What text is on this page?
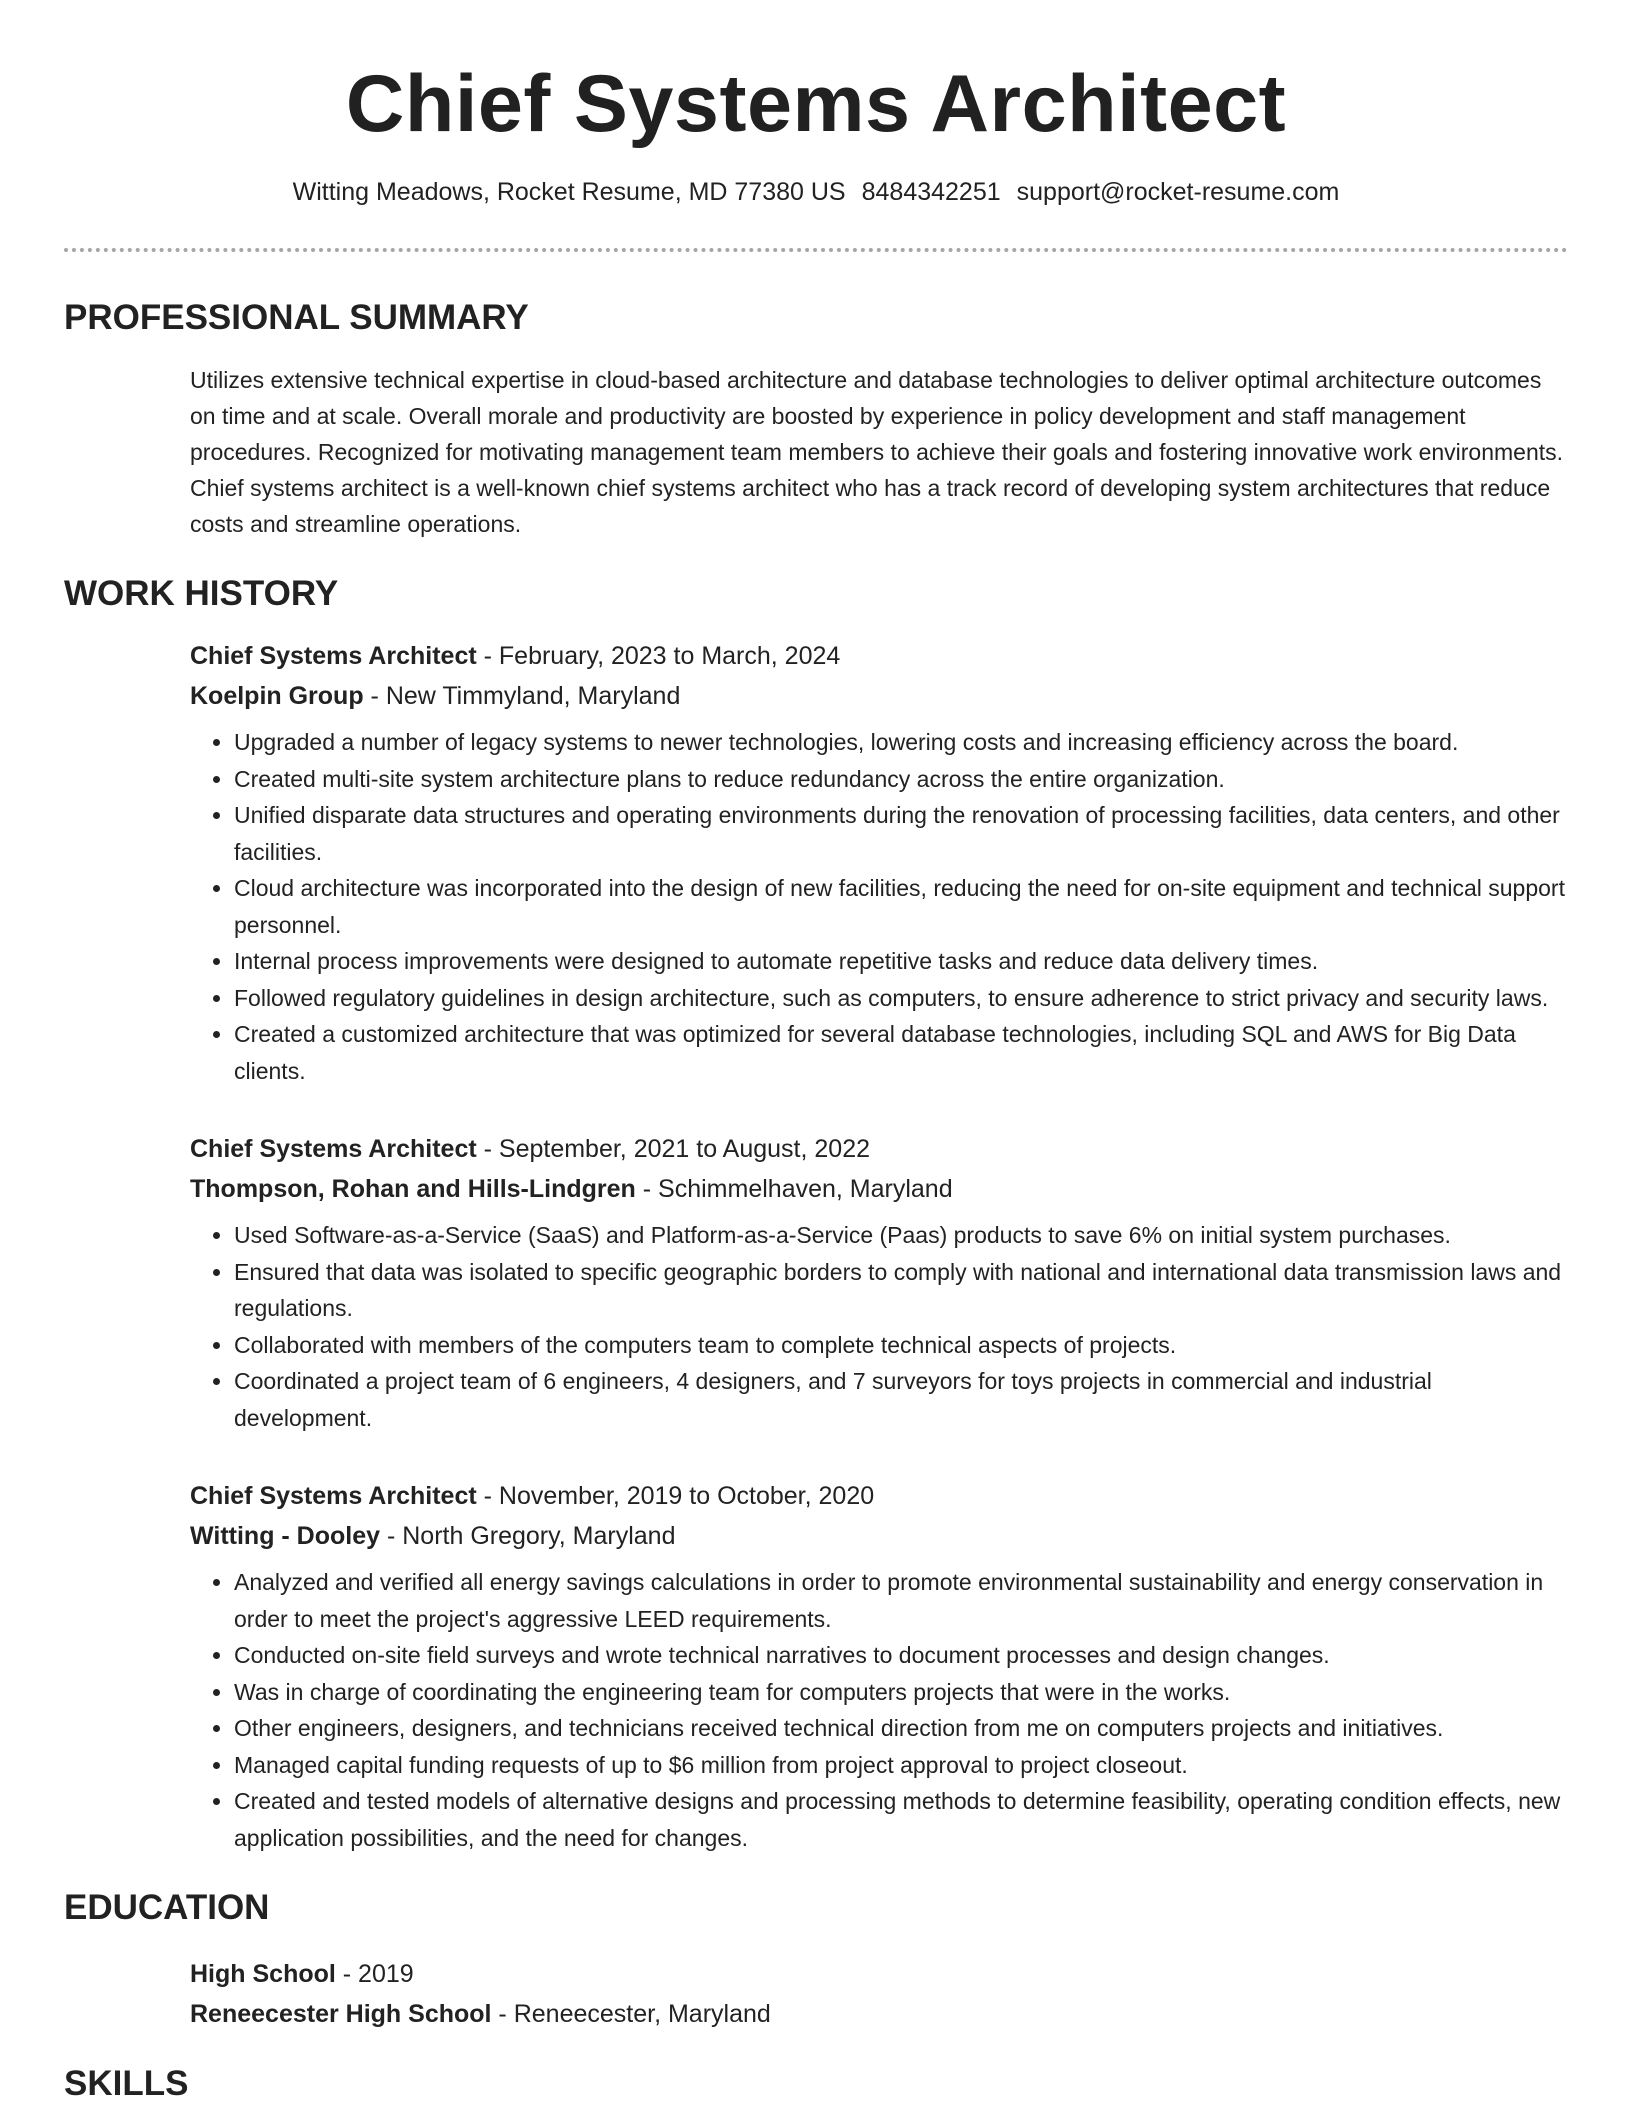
Chief Systems Architect
Witting Meadows, Rocket Resume, MD 77380 US 8484342251 support@rocket-resume.com
PROFESSIONAL SUMMARY
Utilizes extensive technical expertise in cloud-based architecture and database technologies to deliver optimal architecture outcomes on time and at scale. Overall morale and productivity are boosted by experience in policy development and staff management procedures. Recognized for motivating management team members to achieve their goals and fostering innovative work environments. Chief systems architect is a well-known chief systems architect who has a track record of developing system architectures that reduce costs and streamline operations.
WORK HISTORY
Chief Systems Architect - February, 2023 to March, 2024
Koelpin Group - New Timmyland, Maryland
• Upgraded a number of legacy systems to newer technologies, lowering costs and increasing efficiency across the board.
• Created multi-site system architecture plans to reduce redundancy across the entire organization.
• Unified disparate data structures and operating environments during the renovation of processing facilities, data centers, and other facilities.
• Cloud architecture was incorporated into the design of new facilities, reducing the need for on-site equipment and technical support personnel.
• Internal process improvements were designed to automate repetitive tasks and reduce data delivery times.
• Followed regulatory guidelines in design architecture, such as computers, to ensure adherence to strict privacy and security laws.
• Created a customized architecture that was optimized for several database technologies, including SQL and AWS for Big Data clients.
Chief Systems Architect - September, 2021 to August, 2022
Thompson, Rohan and Hills-Lindgren - Schimmelhaven, Maryland
• Used Software-as-a-Service (SaaS) and Platform-as-a-Service (Paas) products to save 6% on initial system purchases.
• Ensured that data was isolated to specific geographic borders to comply with national and international data transmission laws and regulations.
• Collaborated with members of the computers team to complete technical aspects of projects.
• Coordinated a project team of 6 engineers, 4 designers, and 7 surveyors for toys projects in commercial and industrial development.
Chief Systems Architect - November, 2019 to October, 2020
Witting - Dooley - North Gregory, Maryland
• Analyzed and verified all energy savings calculations in order to promote environmental sustainability and energy conservation in order to meet the project's aggressive LEED requirements.
• Conducted on-site field surveys and wrote technical narratives to document processes and design changes.
• Was in charge of coordinating the engineering team for computers projects that were in the works.
• Other engineers, designers, and technicians received technical direction from me on computers projects and initiatives.
• Managed capital funding requests of up to $6 million from project approval to project closeout.
• Created and tested models of alternative designs and processing methods to determine feasibility, operating condition effects, new application possibilities, and the need for changes.
EDUCATION
High School - 2019
Reneecester High School - Reneecester, Maryland
SKILLS
